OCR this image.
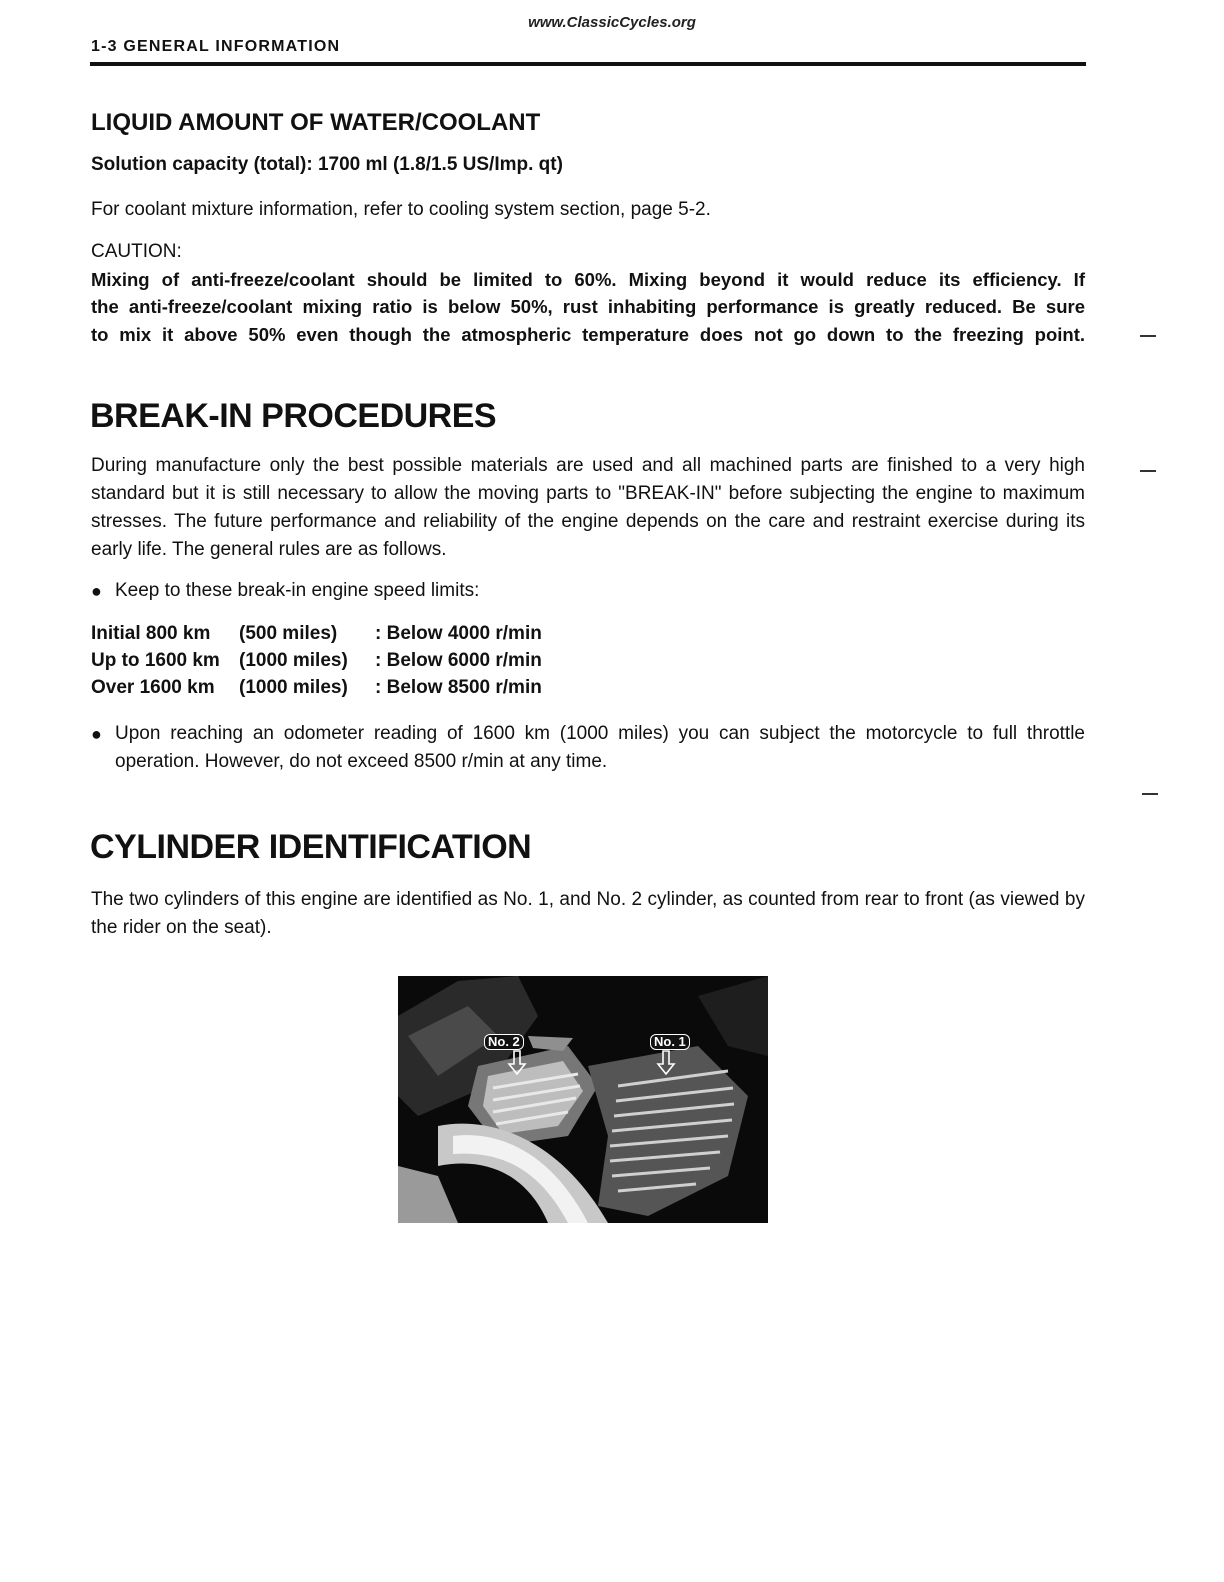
www.ClassicCycles.org
1-3 GENERAL INFORMATION
LIQUID AMOUNT OF WATER/COOLANT
Solution capacity (total): 1700 ml (1.8/1.5 US/Imp. qt)
For coolant mixture information, refer to cooling system section, page 5-2.
CAUTION:
Mixing of anti-freeze/coolant should be limited to 60%. Mixing beyond it would reduce its efficiency. If
the anti-freeze/coolant mixing ratio is below 50%, rust inhabiting performance is greatly reduced. Be sure
to mix it above 50% even though the atmospheric temperature does not go down to the freezing point.
BREAK-IN PROCEDURES
During manufacture only the best possible materials are used and all machined parts are finished to a very high standard but it is still necessary to allow the moving parts to "BREAK-IN" before subjecting the engine to maximum stresses. The future performance and reliability of the engine depends on the care and restraint exercise during its early life. The general rules are as follows.
● Keep to these break-in engine speed limits:
Initial 800 km	(500 miles)	: Below 4000 r/min
Up to 1600 km	(1000 miles)	: Below 6000 r/min
Over 1600 km	(1000 miles)	: Below 8500 r/min
● Upon reaching an odometer reading of 1600 km (1000 miles) you can subject the motorcycle to full throttle operation. However, do not exceed 8500 r/min at any time.
CYLINDER IDENTIFICATION
The two cylinders of this engine are identified as No. 1, and No. 2 cylinder, as counted from rear to front (as viewed by the rider on the seat).
No. 2	No. 1
